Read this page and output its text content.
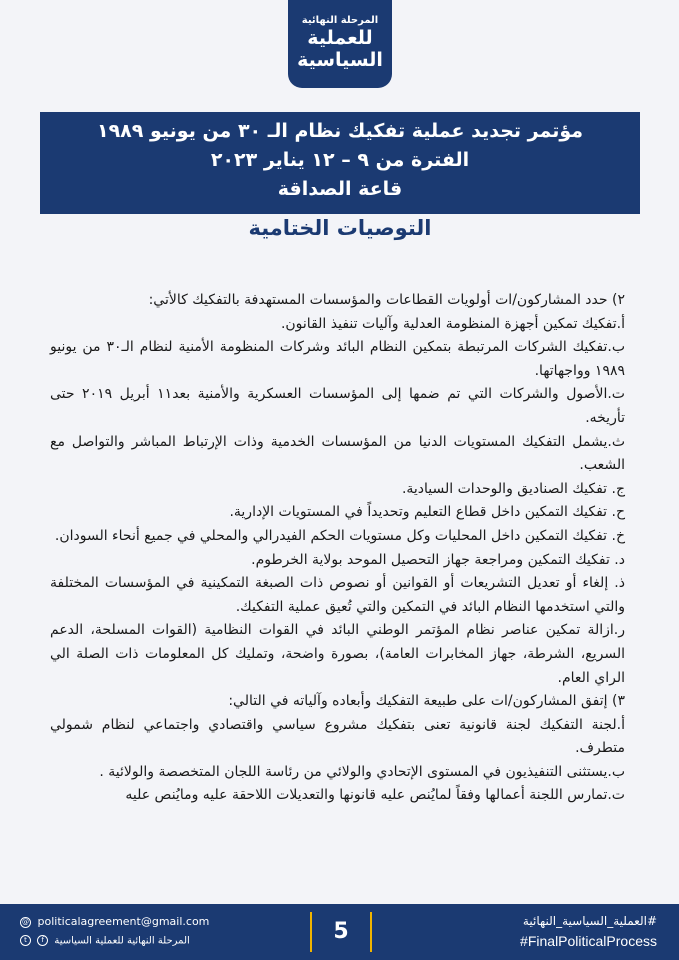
المرحلة النهائية
للعملية
السياسية
مؤتمر تجديد عملية تفكيك نظام الـ ٣٠ من يونيو ١٩٨٩
الفترة من ٩ – ١٢ يناير ٢٠٢٣
قاعة الصداقة
التوصيات الختامية

٢) حدد المشاركون/ات أولويات القطاعات والمؤسسات المستهدفة بالتفكيك كالأتي:

أ.تفكيك تمكين أجهزة المنظومة العدلية وآليات تنفيذ القانون.

ب.تفكيك الشركات المرتبطة بتمكين النظام البائد وشركات المنظومة الأمنية لنظام الـ٣٠ من يونيو ١٩٨٩ وواجهاتها.

ت.الأصول والشركات التي تم ضمها إلى المؤسسات العسكرية والأمنية بعد١١ أبريل ٢٠١٩ حتى تأريخه.

ث.يشمل التفكيك المستويات الدنيا من المؤسسات الخدمية وذات الإرتباط المباشر والتواصل مع الشعب.

ج. تفكيك الصناديق والوحدات السيادية.

ح. تفكيك التمكين داخل قطاع التعليم وتحديداً في المستويات الإدارية.

خ. تفكيك التمكين داخل المحليات وكل مستويات الحكم الفيدرالي والمحلي في جميع أنحاء السودان.

د. تفكيك التمكين ومراجعة جهاز التحصيل الموحد بولاية الخرطوم.

ذ. إلغاء أو تعديل التشريعات أو القوانين أو نصوص ذات الصبغة التمكينية في المؤسسات المختلفة والتي استخدمها النظام البائد في التمكين والتي تُعيق عملية التفكيك.

ر.ازالة تمكين عناصر نظام المؤتمر الوطني البائد في القوات النظامية (القوات المسلحة، الدعم السريع، الشرطة، جهاز المخابرات العامة)، بصورة واضحة، وتمليك كل المعلومات ذات الصلة الي الراي العام.

٣) إتفق المشاركون/ات على طبيعة التفكيك وأبعاده وآلياته في التالي:

أ.لجنة التفكيك لجنة قانونية تعنى بتفكيك مشروع سياسي واقتصادي واجتماعي لنظام شمولي متطرف.

ب.يستثنى التنفيذيون في المستوى الإتحادي والولائي من رئاسة اللجان المتخصصة والولائية .

ت.تمارس اللجنة أعمالها وفقاً لمايُنص عليه قانونها والتعديلات اللاحقة عليه ومايُنص عليه

@ politicalagreement@gmail.com
t f المرحلة النهائية للعملية السياسية	5	#العملية_السياسية_النهائية
#FinalPoliticalProcess
